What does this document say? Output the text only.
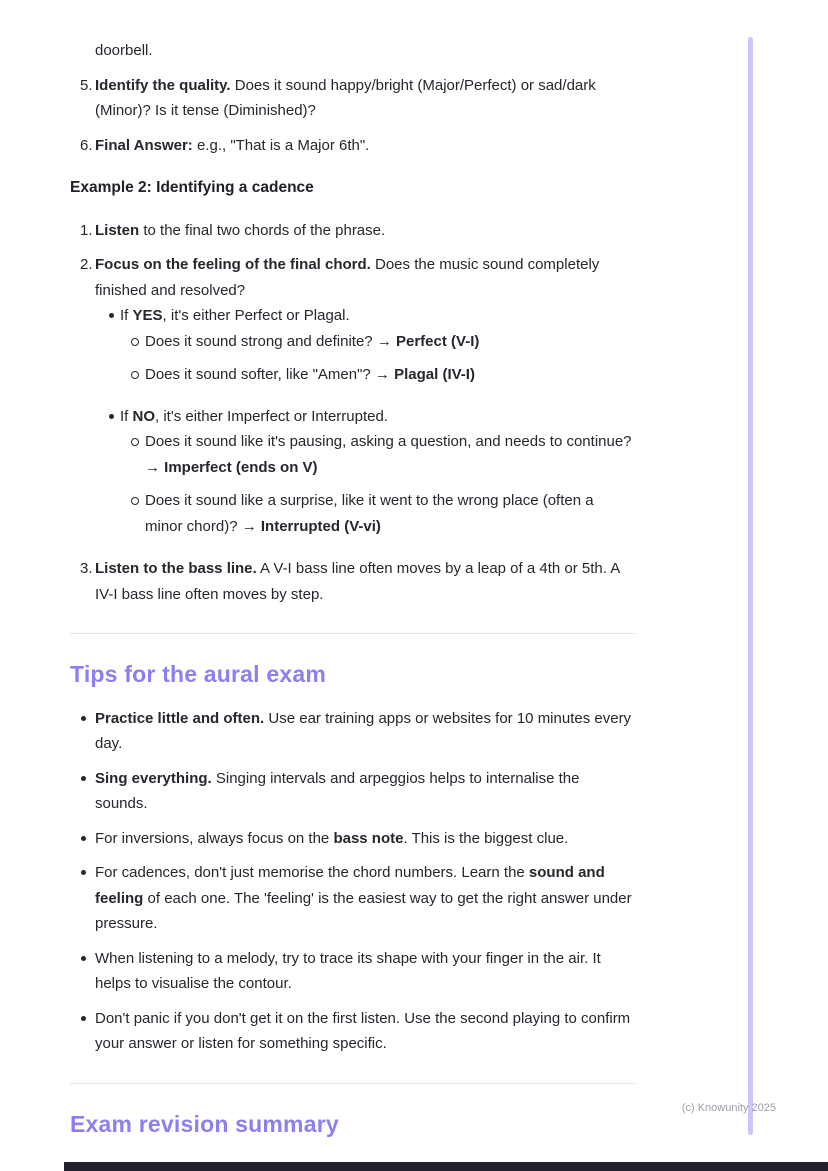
doorbell.

5. Identify the quality. Does it sound happy/bright (Major/Perfect) or sad/dark (Minor)? Is it tense (Diminished)?
6. Final Answer: e.g., "That is a Major 6th".
Example 2: Identifying a cadence
1. Listen to the final two chords of the phrase.
2. Focus on the feeling of the final chord. Does the music sound completely finished and resolved?
If YES, it's either Perfect or Plagal.
Does it sound strong and definite? → Perfect (V-I)
Does it sound softer, like "Amen"? → Plagal (IV-I)
If NO, it's either Imperfect or Interrupted.
Does it sound like it's pausing, asking a question, and needs to continue? → Imperfect (ends on V)
Does it sound like a surprise, like it went to the wrong place (often a minor chord)? → Interrupted (V-vi)
3. Listen to the bass line. A V-I bass line often moves by a leap of a 4th or 5th. A IV-I bass line often moves by step.
Tips for the aural exam
Practice little and often. Use ear training apps or websites for 10 minutes every day.
Sing everything. Singing intervals and arpeggios helps to internalise the sounds.
For inversions, always focus on the bass note. This is the biggest clue.
For cadences, don't just memorise the chord numbers. Learn the sound and feeling of each one. The 'feeling' is the easiest way to get the right answer under pressure.
When listening to a melody, try to trace its shape with your finger in the air. It helps to visualise the contour.
Don't panic if you don't get it on the first listen. Use the second playing to confirm your answer or listen for something specific.
Exam revision summary
(c) Knowunity 2025
